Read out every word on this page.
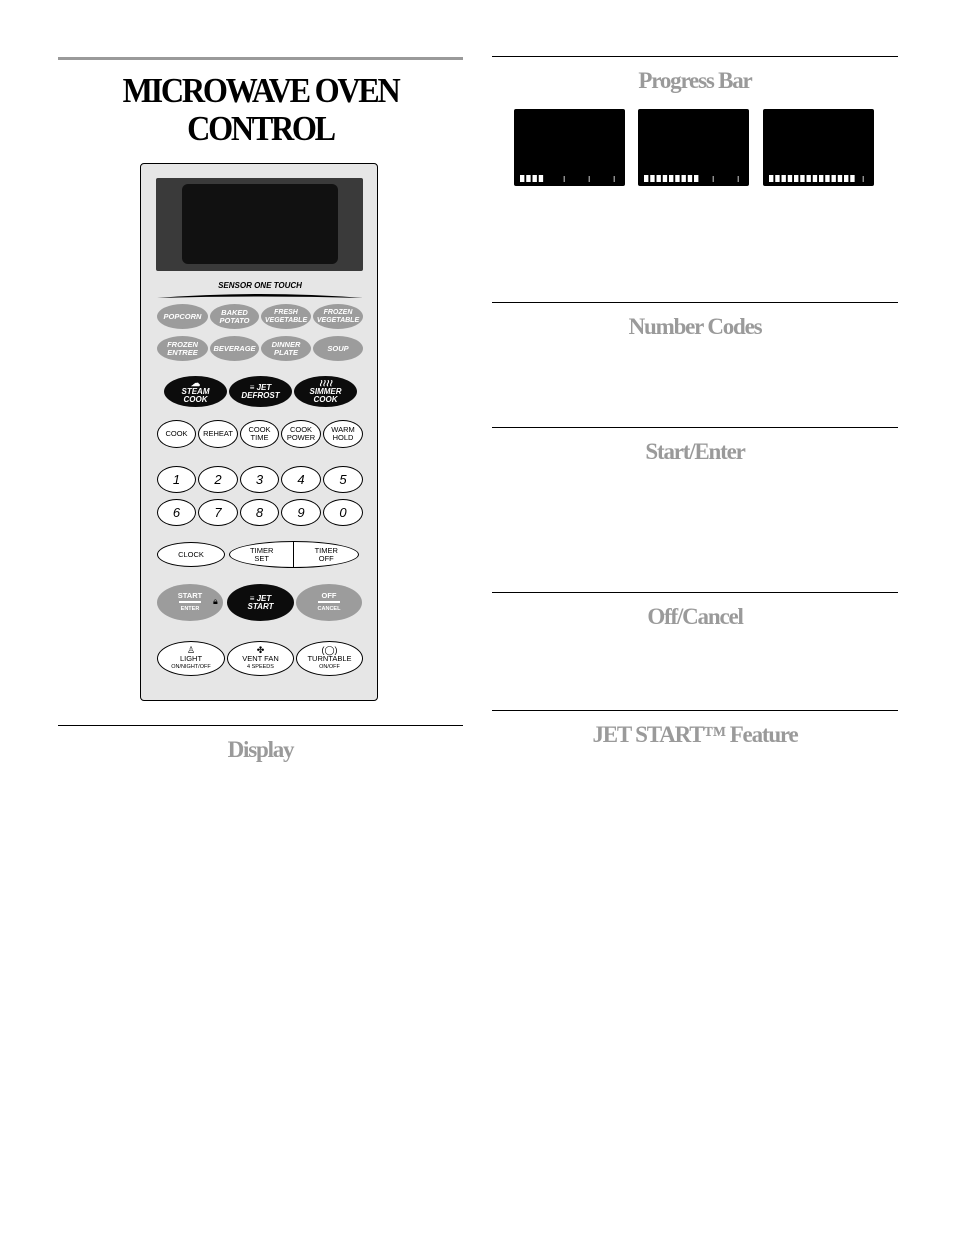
MICROWAVE OVEN
CONTROL
SENSOR ONE TOUCH
POPCORN	BAKED
POTATO
FRESH
VEGETABLE
FROZEN
VEGETABLE
FROZEN
ENTREE BEVERAGE DINNER
PLATE	SOUP
☁
STEAM
COOK
≡ JET
DEFROST
≀≀≀≀
SIMMER
COOK
COOK REHEAT COOK
TIME
COOK
POWER
WARM
HOLD
1	2	3	4	5
6	7	8	9	0
CLOCK	TIMER
SET
TIMER
OFF
START
ENTER
🔒︎	≡ JET
START
OFF
CANCEL
♙
LIGHT
ON/NIGHT/OFF
✤
VENT FAN
4 SPEEDS
(◯)
TURNTABLE
ON/OFF
Display
Progress Bar
Number Codes
Start/Enter
Off/Cancel
JET START™ Feature
